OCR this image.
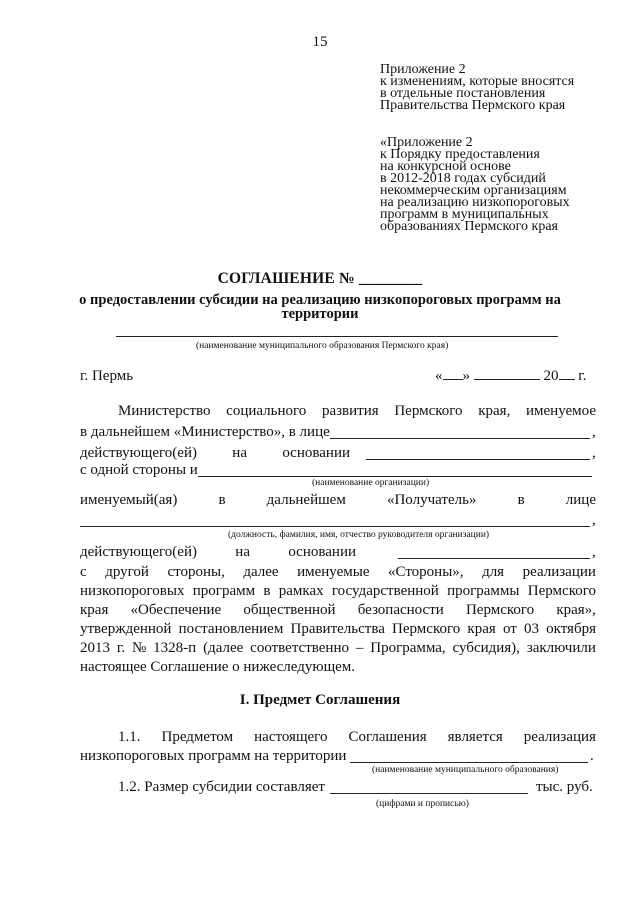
15
Приложение 2
к изменениям, которые вносятся
в отдельные постановления
Правительства Пермского края
«Приложение 2
к Порядку предоставления
на конкурсной основе
в 2012-2018 годах субсидий
некоммерческим организациям
на реализацию низкопороговых
программ в муниципальных
образованиях Пермского края
СОГЛАШЕНИЕ № ________
о предоставлении субсидии на реализацию низкопороговых программ на территории
(наименование муниципального образования Пермского края)
г. Пермь	« »	20 г.
Министерство социального развития Пермского края, именуемое
в дальнейшем «Министерство», в лице	,
действующего(ей) на основании	,
с одной стороны и
(наименование организации)
именуемый(ая)	в	дальнейшем	«Получатель»	в	лице
,
(должность, фамилия, имя, отчество руководителя организации)
действующего(ей)	на	основании	,
с другой стороны, далее именуемые «Стороны», для реализации
низкопороговых программ в рамках государственной программы Пермского
края «Обеспечение общественной безопасности Пермского края»,
утвержденной постановлением Правительства Пермского края от 03 октября
2013 г. № 1328-п (далее соответственно – Программа, субсидия), заключили
настоящее Соглашение о нижеследующем.
I. Предмет Соглашения
1.1. Предметом настоящего Соглашения является реализация
низкопороговых программ на территории	.
(наименование муниципального образования)
1.2. Размер субсидии составляет	тыс. руб.
(цифрами и прописью)
